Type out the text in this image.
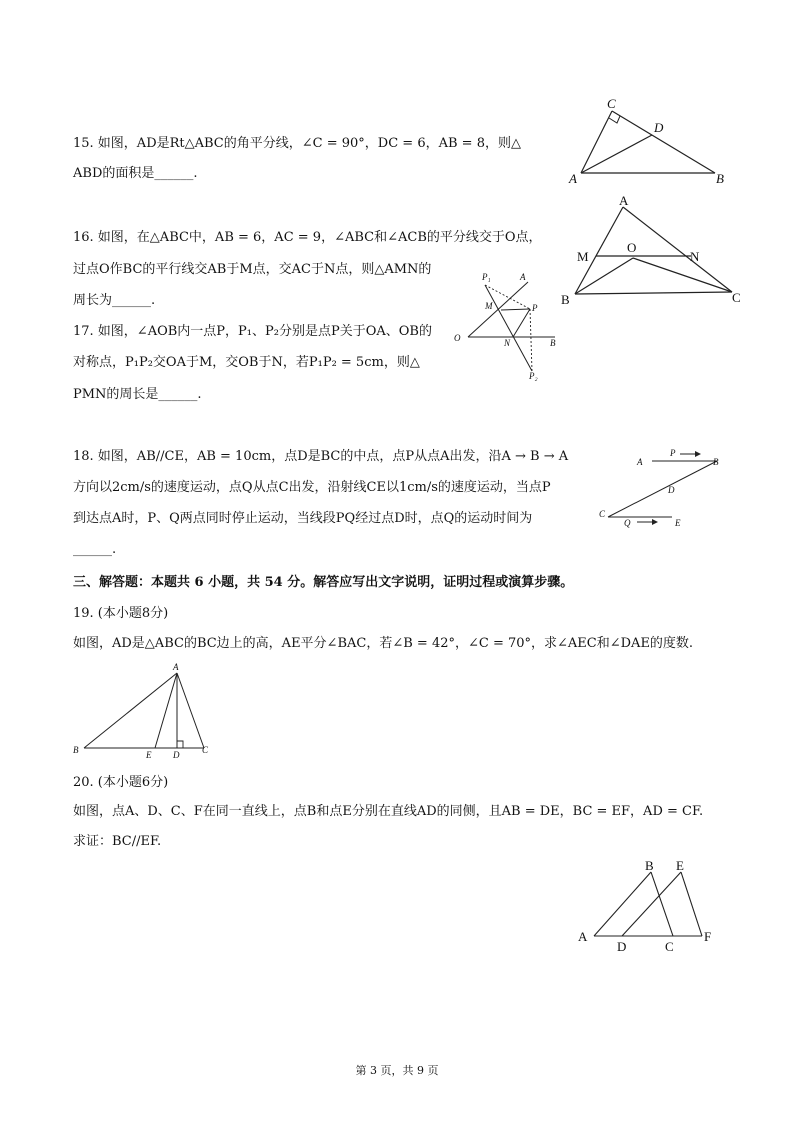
15. 如图，AD是Rt△ABC的角平分线，∠C = 90°，DC = 6，AB = 8，则△
ABD的面积是______.
C
D
A	B
16. 如图，在△ABC中，AB = 6，AC = 9，∠ABC和∠ACB的平分线交于O点，
过点O作BC的平行线交AB于M点，交AC于N点，则△AMN的
周长为______.
A
M
O
N
B	C
17. 如图，∠AOB内一点P，P₁、P₂分别是点P关于OA、OB的
对称点，P₁P₂交OA于M，交OB于N，若P₁P₂ = 5cm，则△
PMN的周长是______.
P₁	A
M	P
O	N	B
P₂
18. 如图，AB//CE，AB = 10cm，点D是BC的中点，点P从点A出发，沿A → B → A
方向以2cm/s的速度运动，点Q从点C出发，沿射线CE以1cm/s的速度运动，当点P
到达点A时，P、Q两点同时停止运动，当线段PQ经过点D时，点Q的运动时间为
______.
A
P
B
D
C
Q	E
三、解答题：本题共 6 小题，共 54 分。解答应写出文字说明，证明过程或演算步骤。
19. (本小题8分)
如图，AD是△ABC的BC边上的高，AE平分∠BAC，若∠B = 42°，∠C = 70°，求∠AEC和∠DAE的度数.
A
B	E D	C
20. (本小题6分)
如图，点A、D、C、F在同一直线上，点B和点E分别在直线AD的同侧，且AB = DE，BC = EF，AD = CF.
求证：BC//EF.
B E
A
D	C
F
第 3 页，共 9 页
